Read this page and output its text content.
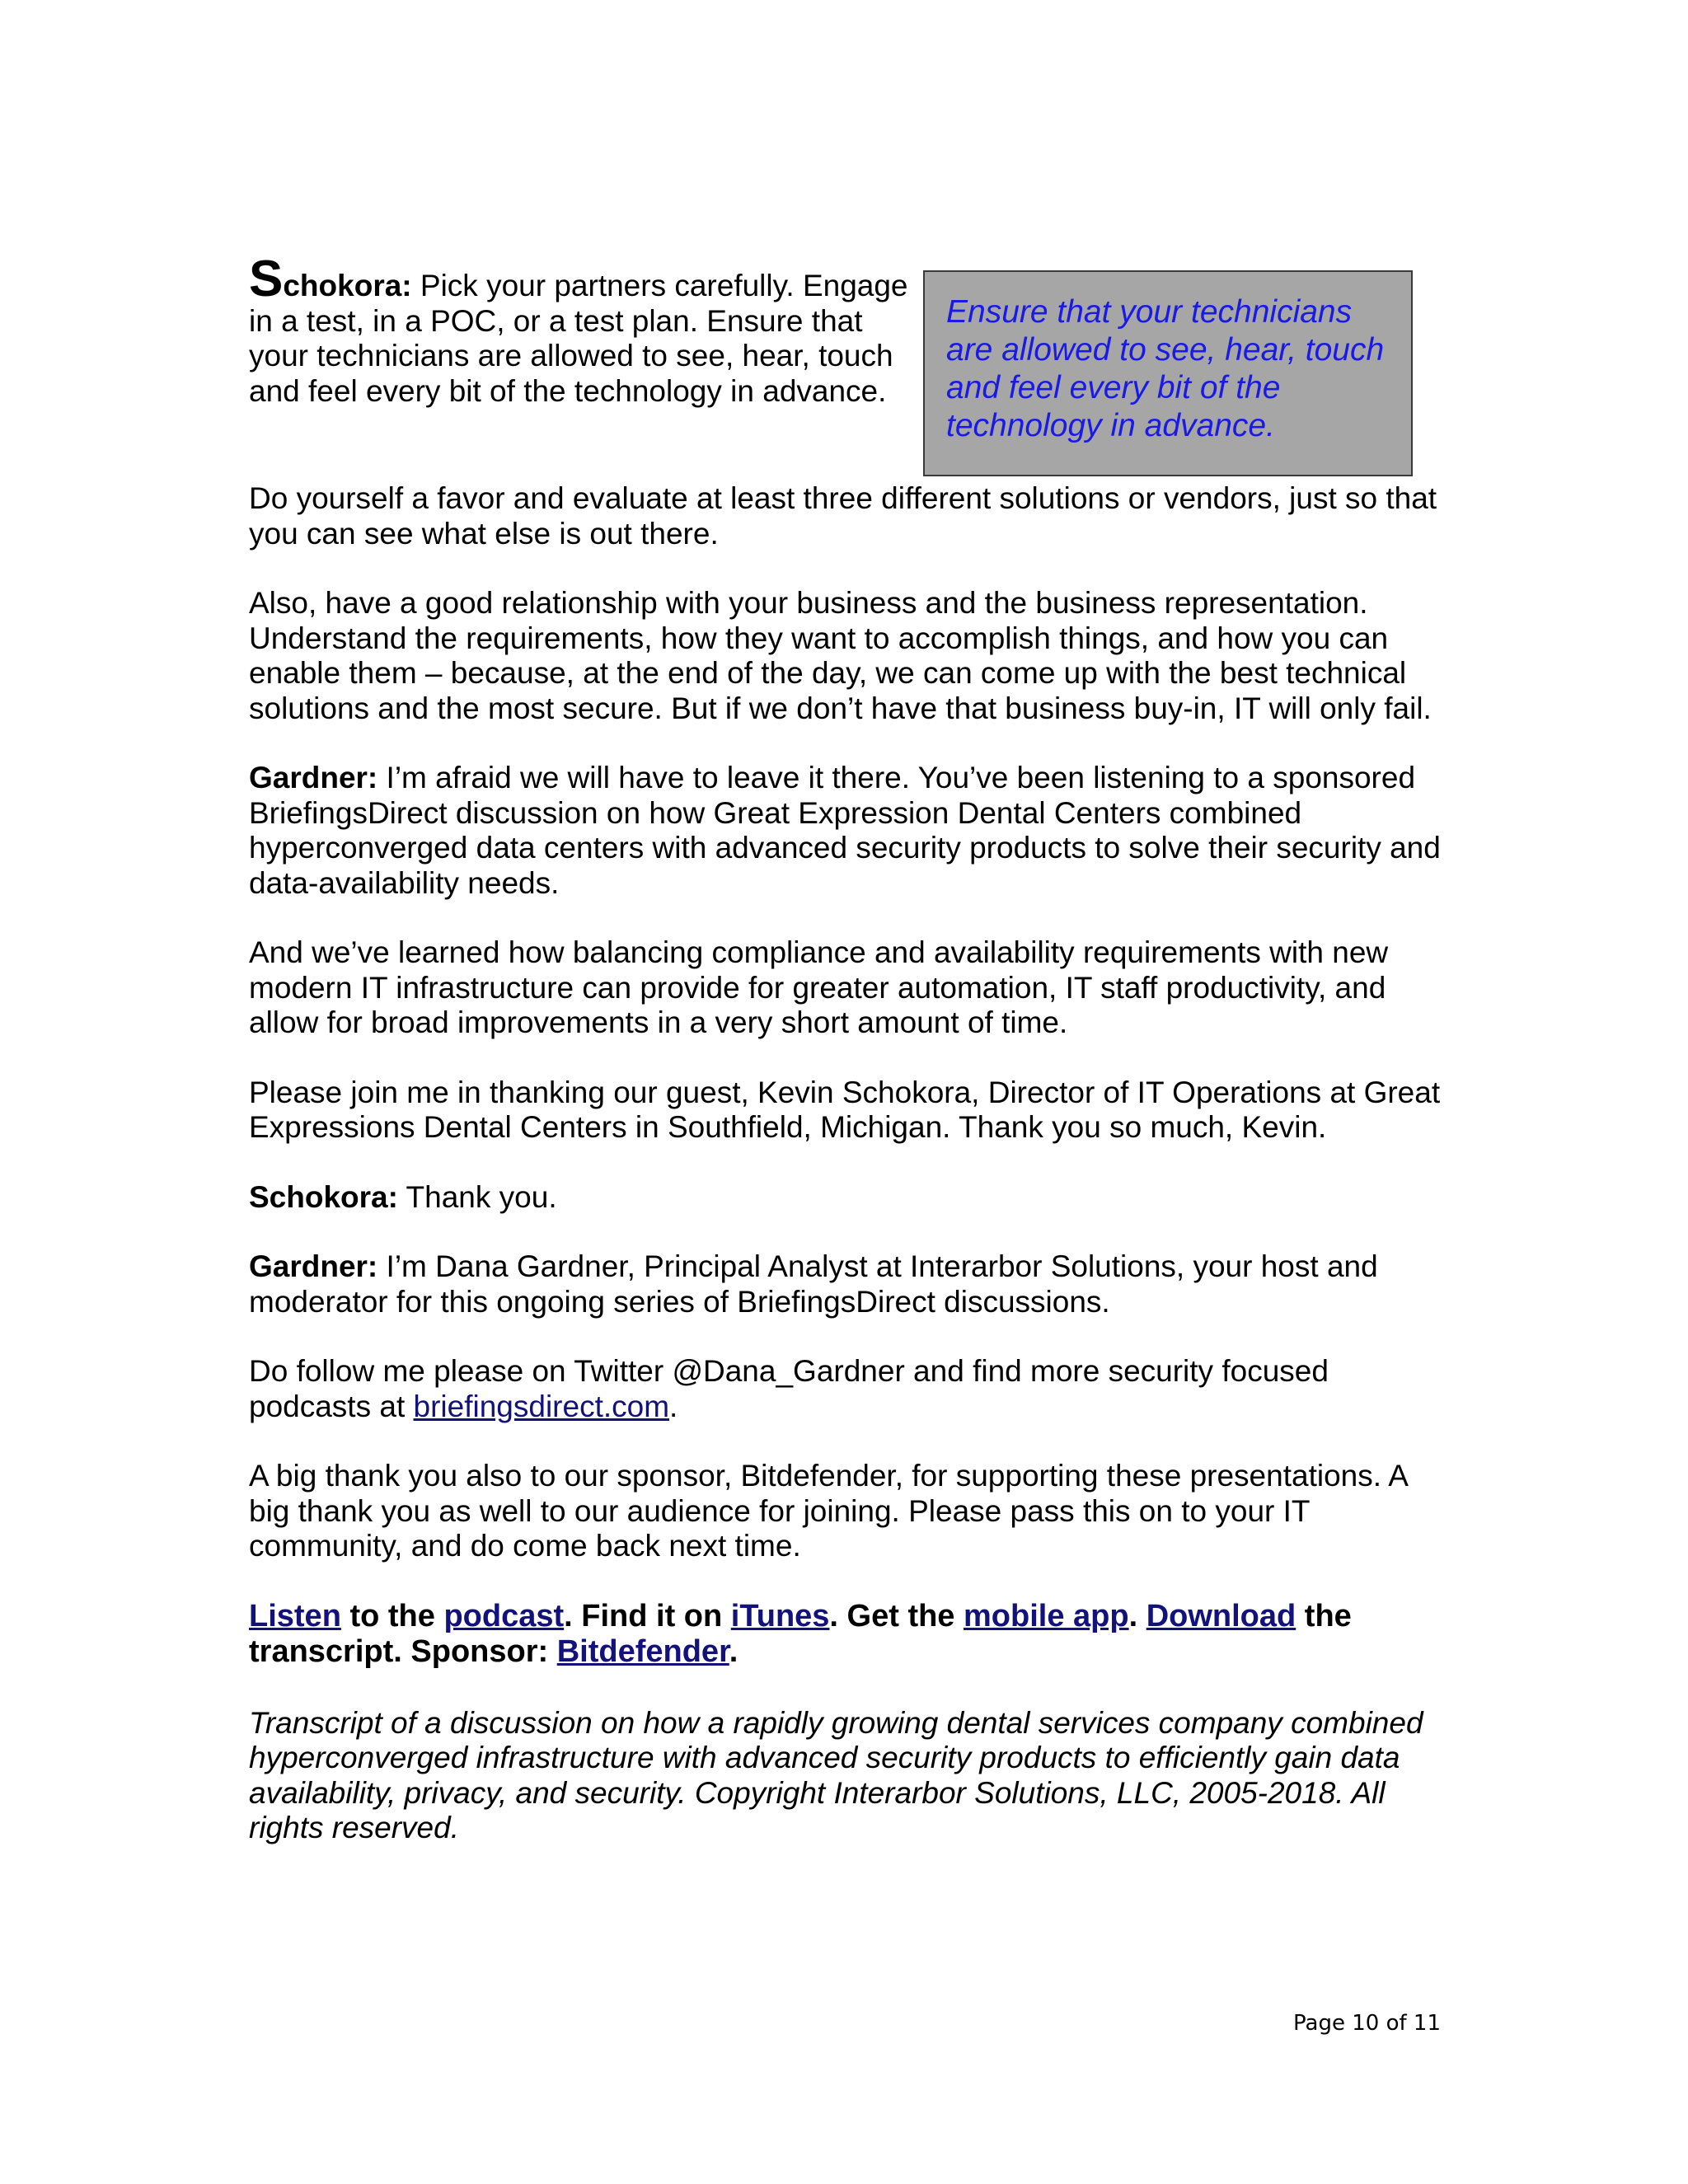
Schokora: Pick your partners carefully. Engage in a test, in a POC, or a test plan. Ensure that your technicians are allowed to see, hear, touch and feel every bit of the technology in advance.
Ensure that your technicians are allowed to see, hear, touch and feel every bit of the technology in advance.

Do yourself a favor and evaluate at least three different solutions or vendors, just so that you can see what else is out there.

Also, have a good relationship with your business and the business representation. Understand the requirements, how they want to accomplish things, and how you can enable them – because, at the end of the day, we can come up with the best technical solutions and the most secure. But if we don’t have that business buy-in, IT will only fail.

Gardner: I’m afraid we will have to leave it there. You’ve been listening to a sponsored BriefingsDirect discussion on how Great Expression Dental Centers combined hyperconverged data centers with advanced security products to solve their security and data-availability needs.

And we’ve learned how balancing compliance and availability requirements with new modern IT infrastructure can provide for greater automation, IT staff productivity, and allow for broad improvements in a very short amount of time.

Please join me in thanking our guest, Kevin Schokora, Director of IT Operations at Great Expressions Dental Centers in Southfield, Michigan. Thank you so much, Kevin.

Schokora: Thank you.

Gardner: I’m Dana Gardner, Principal Analyst at Interarbor Solutions, your host and moderator for this ongoing series of BriefingsDirect discussions.

Do follow me please on Twitter @Dana_Gardner and find more security focused podcasts at briefingsdirect.com.

A big thank you also to our sponsor, Bitdefender, for supporting these presentations. A big thank you as well to our audience for joining. Please pass this on to your IT community, and do come back next time.

Listen to the podcast. Find it on iTunes. Get the mobile app. Download the transcript. Sponsor: Bitdefender.
Transcript of a discussion on how a rapidly growing dental services company combined hyperconverged infrastructure with advanced security products to efficiently gain data availability, privacy, and security. Copyright Interarbor Solutions, LLC, 2005-2018. All rights reserved.
Page 10 of 11
